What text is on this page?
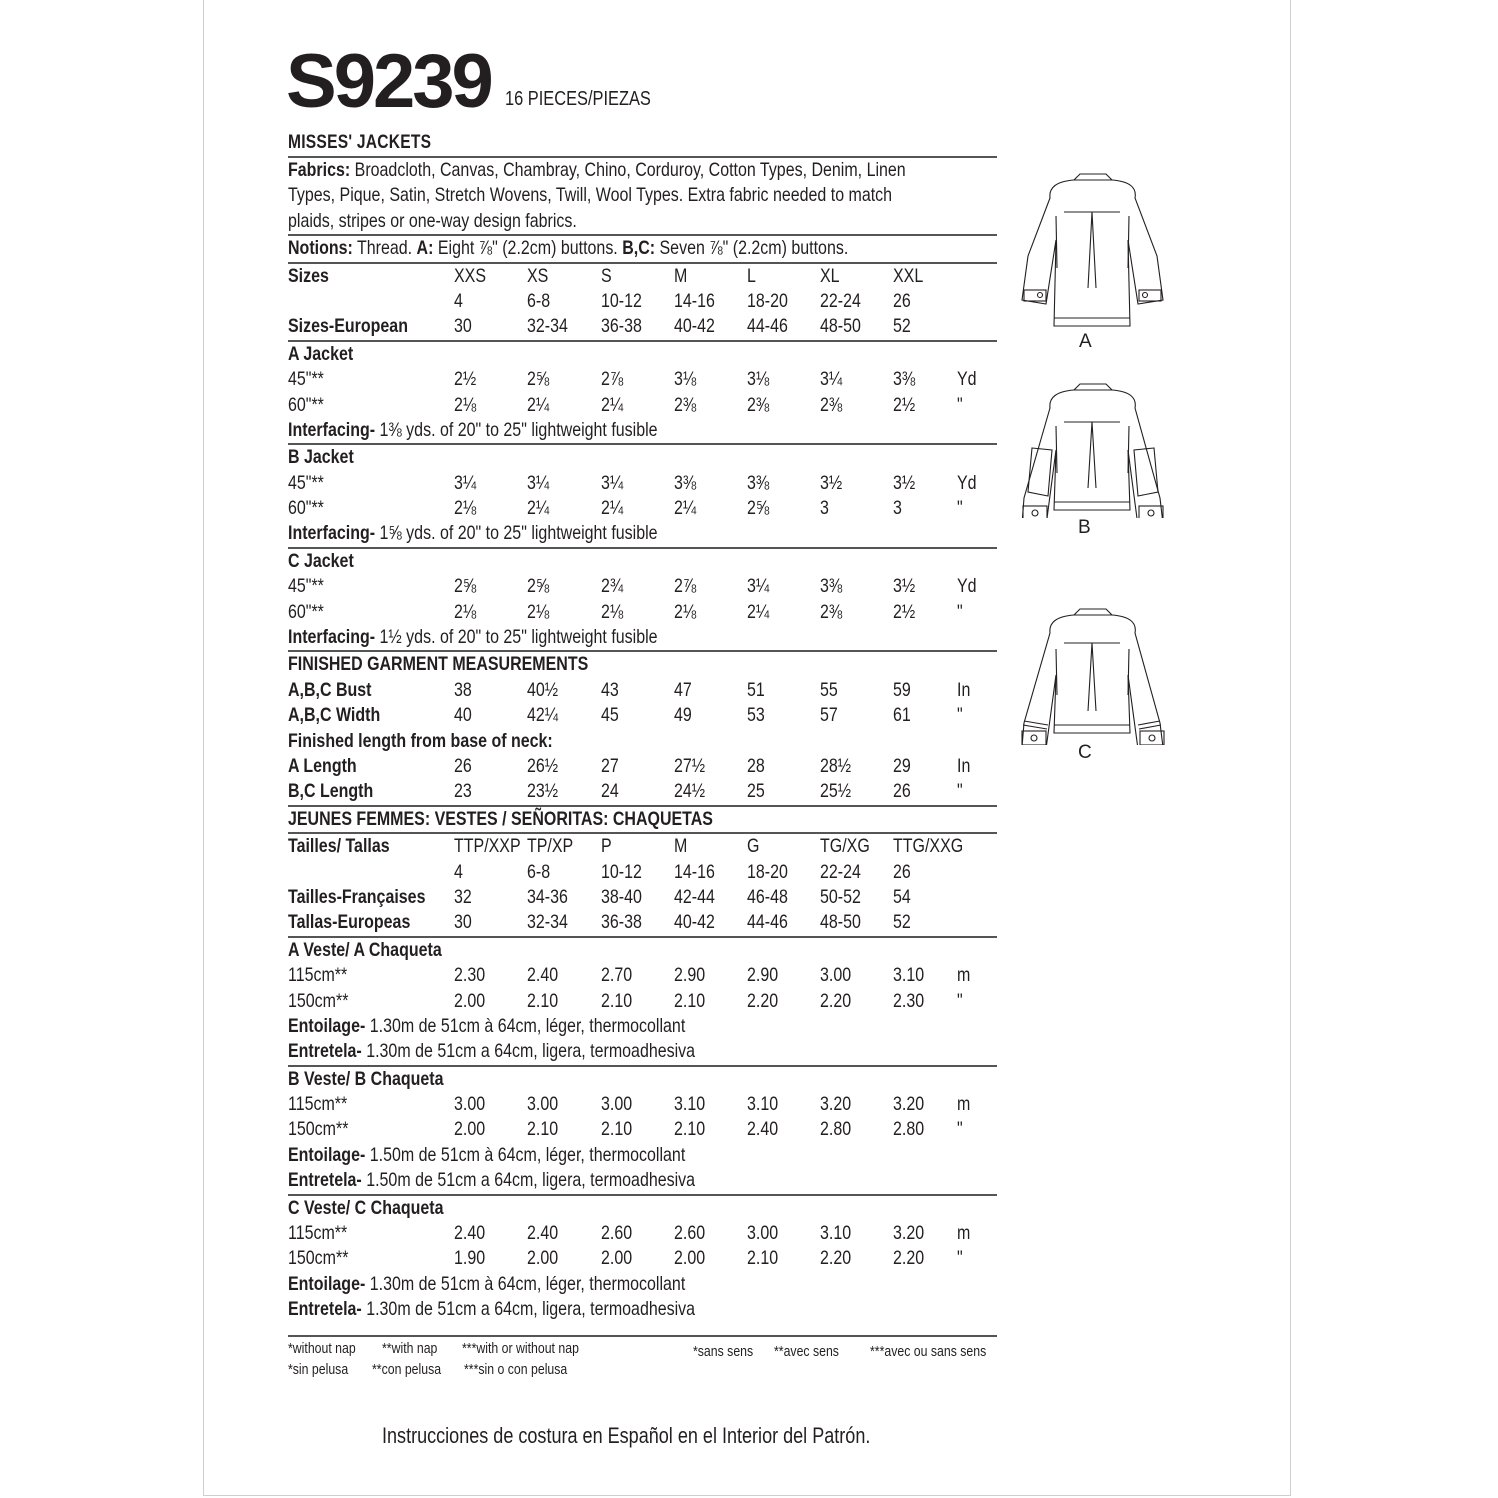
S9239 16 PIECES/PIEZAS
MISSES' JACKETS
Fabrics: Broadcloth, Canvas, Chambray, Chino, Corduroy, Cotton Types, Denim, Linen
Types, Pique, Satin, Stretch Wovens, Twill, Wool Types. Extra fabric needed to match
plaids, stripes or one-way design fabrics.
Notions: Thread. A: Eight ⅞" (2.2cm) buttons. B,C: Seven ⅞" (2.2cm) buttons.
Sizes	XXS XS	S	M	L	XL	XXL
4	6-8	10-12 14-16 18-20 22-24 26
Sizes-European 30	32-34 36-38 40-42 44-46 48-50 52
A Jacket
45"**	2½	2⅝	2⅞	3⅛	3⅛	3¼	3⅜ Yd
60"**	2⅛	2¼	2¼	2⅜	2⅜	2⅜	2½ "
Interfacing- 1⅜ yds. of 20" to 25" lightweight fusible
B Jacket
45"**	3¼	3¼	3¼	3⅜	3⅜	3½	3½ Yd
60"**	2⅛	2¼	2¼	2¼	2⅝	3	3	"
Interfacing- 1⅝ yds. of 20" to 25" lightweight fusible
C Jacket
45"**	2⅝	2⅝	2¾	2⅞	3¼	3⅜	3½ Yd
60"**	2⅛	2⅛	2⅛	2⅛	2¼	2⅜	2½ "
Interfacing- 1½ yds. of 20" to 25" lightweight fusible
FINISHED GARMENT MEASUREMENTS
A,B,C Bust	38	40½ 43	47	51	55	59 In
A,B,C Width	40	42¼ 45	49	53	57	61 "
Finished length from base of neck:
A Length	26	26½ 27	27½ 28	28½ 29 In
B,C Length	23	23½ 24	24½ 25	25½ 26 "
JEUNES FEMMES: VESTES / SEÑORITAS: CHAQUETAS
Tailles/ Tallas	TTP/XXP TP/XP P	M	G	TG/XG TTG/XXG
4	6-8	10-12 14-16 18-20 22-24 26
Tailles-Françaises 32	34-36 38-40 42-44 46-48 50-52 54
Tallas-Europeas 30	32-34 36-38 40-42 44-46 48-50 52
A Veste/ A Chaqueta
115cm**	2.30 2.40 2.70 2.90 2.90 3.00 3.10 m
150cm**	2.00 2.10 2.10 2.10 2.20 2.20 2.30 "
Entoilage- 1.30m de 51cm à 64cm, léger, thermocollant
Entretela- 1.30m de 51cm a 64cm, ligera, termoadhesiva
B Veste/ B Chaqueta
115cm**	3.00 3.00 3.00 3.10 3.10 3.20 3.20 m
150cm**	2.00 2.10 2.10 2.10 2.40 2.80 2.80 "
Entoilage- 1.50m de 51cm à 64cm, léger, thermocollant
Entretela- 1.50m de 51cm a 64cm, ligera, termoadhesiva
C Veste/ C Chaqueta
115cm**	2.40 2.40 2.60 2.60 3.00 3.10 3.20 m
150cm**	1.90 2.00 2.00 2.00 2.10 2.20 2.20 "
Entoilage- 1.30m de 51cm à 64cm, léger, thermocollant
Entretela- 1.30m de 51cm a 64cm, ligera, termoadhesiva
*without nap **with nap ***with or without nap
*sin pelusa **con pelusa ***sin o con pelusa
*sans sens **avec sens ***avec ou sans sens
Instrucciones de costura en Español en el Interior del Patrón.
A
B
C
